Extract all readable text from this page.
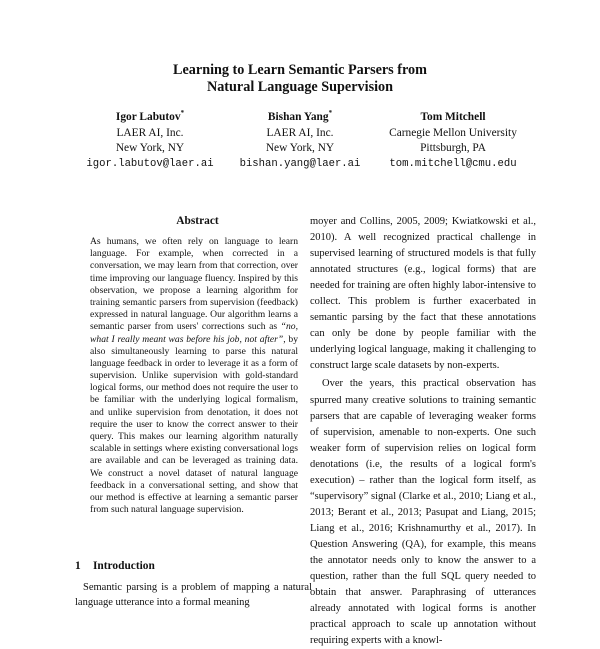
Learning to Learn Semantic Parsers from
Natural Language Supervision
Igor Labutov*
LAER AI, Inc.
New York, NY
igor.labutov@laer.ai
Bishan Yang*
LAER AI, Inc.
New York, NY
bishan.yang@laer.ai
Tom Mitchell
Carnegie Mellon University
Pittsburgh, PA
tom.mitchell@cmu.edu
Abstract
As humans, we often rely on language to learn language. For example, when corrected in a conversation, we may learn from that correction, over time improving our language fluency. Inspired by this observation, we propose a learning algorithm for training semantic parsers from supervision (feedback) expressed in natural language. Our algorithm learns a semantic parser from users' corrections such as “no, what I really meant was before his job, not after”, by also simultaneously learning to parse this natural language feedback in order to leverage it as a form of supervision. Unlike supervision with gold-standard logical forms, our method does not require the user to be familiar with the underlying logical formalism, and unlike supervision from denotation, it does not require the user to know the correct answer to their query. This makes our learning algorithm naturally scalable in settings where existing conversational logs are available and can be leveraged as training data. We construct a novel dataset of natural language feedback in a conversational setting, and show that our method is effective at learning a semantic parser from such natural language supervision.
1 Introduction
Semantic parsing is a problem of mapping a natural language utterance into a formal meaning

moyer and Collins, 2005, 2009; Kwiatkowski et al., 2010). A well recognized practical challenge in supervised learning of structured models is that fully annotated structures (e.g., logical forms) that are needed for training are often highly labor-intensive to collect. This problem is further exacerbated in semantic parsing by the fact that these annotations can only be done by people familiar with the underlying logical language, making it challenging to construct large scale datasets by non-experts.

Over the years, this practical observation has spurred many creative solutions to training semantic parsers that are capable of leveraging weaker forms of supervision, amenable to non-experts. One such weaker form of supervision relies on logical form denotations (i.e, the results of a logical form's execution) – rather than the logical form itself, as “supervisory” signal (Clarke et al., 2010; Liang et al., 2013; Berant et al., 2013; Pasupat and Liang, 2015; Liang et al., 2016; Krishnamurthy et al., 2017). In Question Answering (QA), for example, this means the annotator needs only to know the answer to a question, rather than the full SQL query needed to obtain that answer. Paraphrasing of utterances already annotated with logical forms is another practical approach to scale up annotation without requiring experts with a knowl-
